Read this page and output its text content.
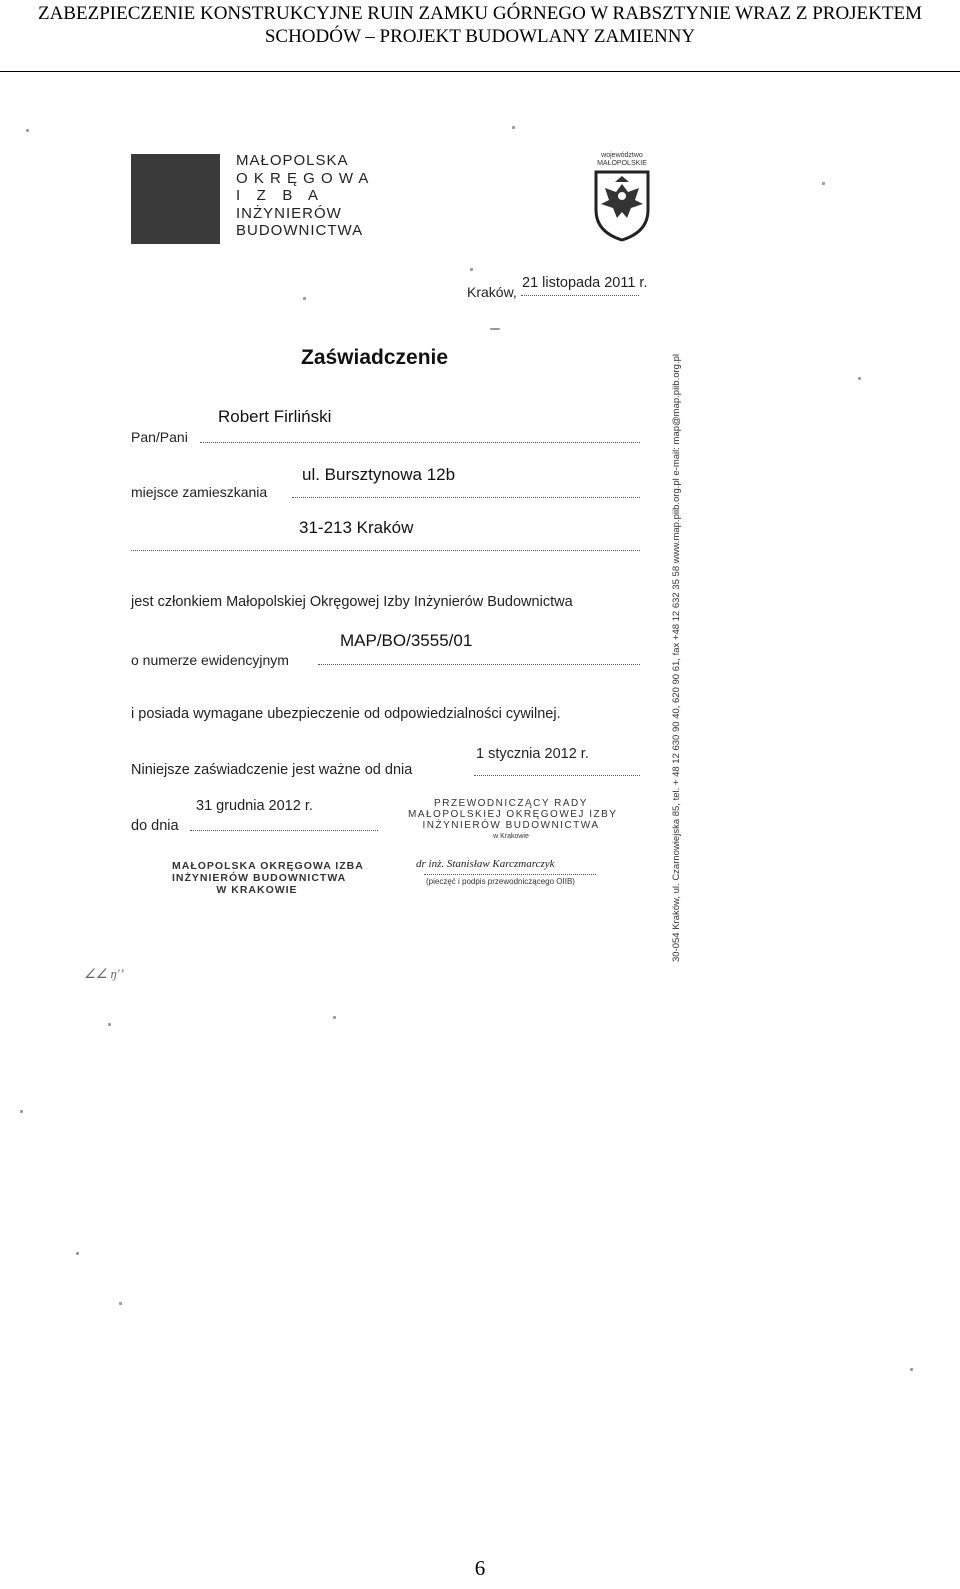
ZABEZPIECZENIE KONSTRUKCYJNE RUIN ZAMKU GÓRNEGO W RABSZTYNIE WRAZ Z PROJEKTEM
SCHODÓW – PROJEKT BUDOWLANY ZAMIENNY
MAŁOPOLSKA
O K R Ę G O W A
I   Z   B   A
INŻYNIERÓW
BUDOWNICTWA
województwo
MAŁOPOLSKIE
30-054 Kraków, ul. Czarnowiejska 85, tel. + 48 12 630 90 40, 620 90 61, fax +48 12 632 35 58 www.map.piib.org.pl e-mail: map@map.piib.org.pl
Kraków,
21 listopada 2011 r.
Zaświadczenie
Robert Firliński
Pan/Pani
ul. Bursztynowa 12b
miejsce zamieszkania
31-213 Kraków
jest członkiem Małopolskiej Okręgowej Izby Inżynierów Budownictwa
MAP/BO/3555/01
o numerze ewidencyjnym
i posiada wymagane ubezpieczenie od odpowiedzialności cywilnej.
1 stycznia 2012 r.
Niniejsze zaświadczenie jest ważne od dnia
31 grudnia 2012 r.
do dnia
PRZEWODNICZĄCY RADY
MAŁOPOLSKIEJ OKRĘGOWEJ IZBY
INŻYNIERÓW BUDOWNICTWA
w Krakowie
dr inż. Stanisław Karczmarczyk
(pieczęć i podpis przewodniczącego OIIB)
MAŁOPOLSKA OKRĘGOWA IZBA
INŻYNIERÓW BUDOWNICTWA
W KRAKOWIE
∠∠ ŋ'ʼ
6
